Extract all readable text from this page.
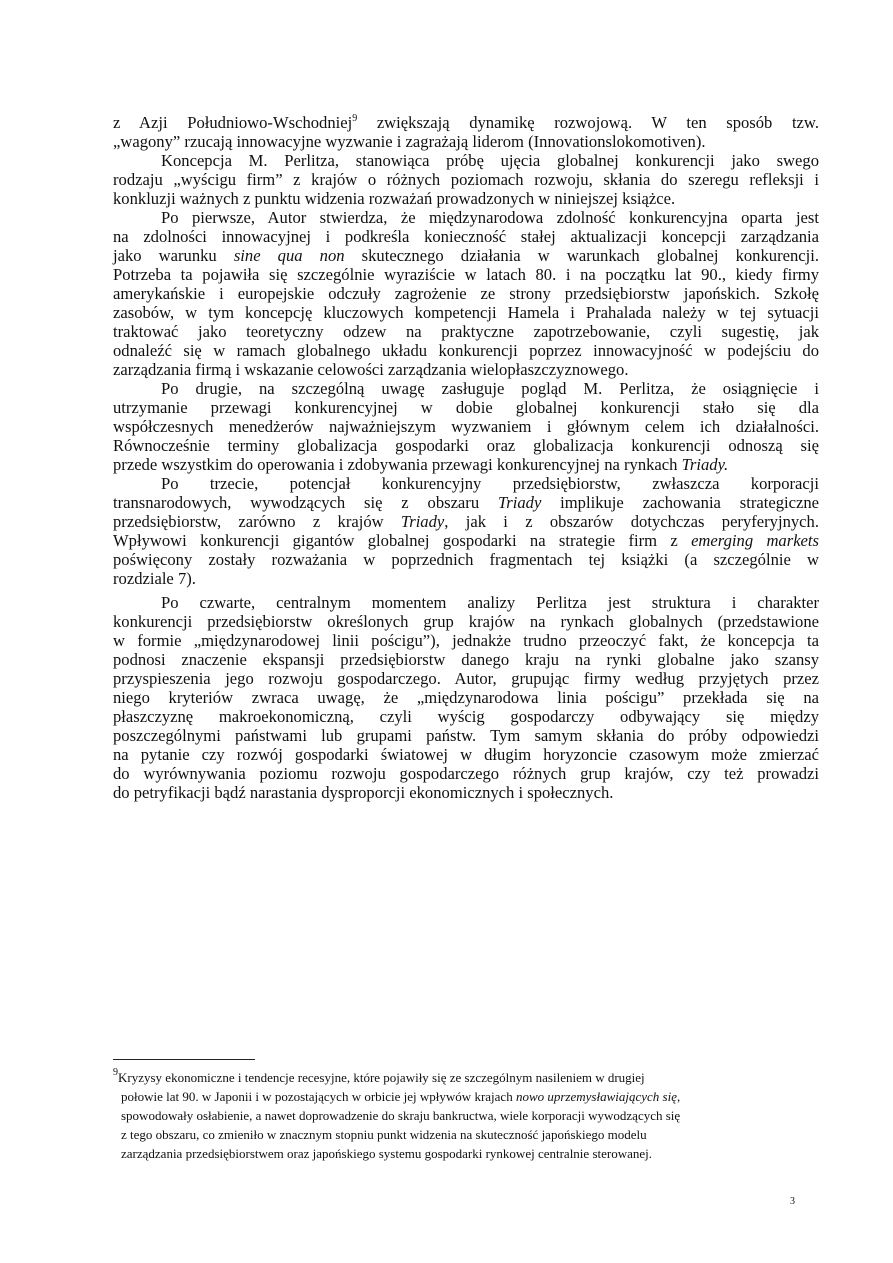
z Azji Południowo-Wschodniej$^9$ zwiększają dynamikę rozwojową. W ten sposób tzw.
„wagony” rzucają innowacyjne wyzwanie i zagrażają liderom (Innovationslokomotiven).
Koncepcja M. Perlitza, stanowiąca próbę ujęcia globalnej konkurencji jako swego
rodzaju „wyścigu firm” z krajów o różnych poziomach rozwoju, skłania do szeregu refleksji i
konkluzji ważnych z punktu widzenia rozważań prowadzonych w niniejszej książce.
Po pierwsze, Autor stwierdza, że międzynarodowa zdolność konkurencyjna oparta jest
na zdolności innowacyjnej i podkreśla konieczność stałej aktualizacji koncepcji zarządzania
jako warunku sine qua non skutecznego działania w warunkach globalnej konkurencji.
Potrzeba ta pojawiła się szczególnie wyraziście w latach 80. i na początku lat 90., kiedy firmy
amerykańskie i europejskie odczuły zagrożenie ze strony przedsiębiorstw japońskich. Szkołę
zasobów, w tym koncepcję kluczowych kompetencji Hamela i Prahalada należy w tej sytuacji
traktować jako teoretyczny odzew na praktyczne zapotrzebowanie, czyli sugestię, jak
odnaleźć się w ramach globalnego układu konkurencji poprzez innowacyjność w podejściu do
zarządzania firmą i wskazanie celowości zarządzania wielopłaszczyznowego.
Po drugie, na szczególną uwagę zasługuje pogląd M. Perlitza, że osiągnięcie i
utrzymanie przewagi konkurencyjnej w dobie globalnej konkurencji stało się dla
współczesnych menedżerów najważniejszym wyzwaniem i głównym celem ich działalności.
Równocześnie terminy globalizacja gospodarki oraz globalizacja konkurencji odnoszą się
przede wszystkim do operowania i zdobywania przewagi konkurencyjnej na rynkach Triady.
Po trzecie, potencjał konkurencyjny przedsiębiorstw, zwłaszcza korporacji
transnarodowych, wywodzących się z obszaru Triady implikuje zachowania strategiczne
przedsiębiorstw, zarówno z krajów Triady, jak i z obszarów dotychczas peryferyjnych.
Wpływowi konkurencji gigantów globalnej gospodarki na strategie firm z emerging markets
poświęcony zostały rozważania w poprzednich fragmentach tej książki (a szczególnie w
rozdziale 7).
Po czwarte, centralnym momentem analizy Perlitza jest struktura i charakter
konkurencji przedsiębiorstw określonych grup krajów na rynkach globalnych (przedstawione
w formie „międzynarodowej linii pościgu”), jednakże trudno przeoczyć fakt, że koncepcja ta
podnosi znaczenie ekspansji przedsiębiorstw danego kraju na rynki globalne jako szansy
przyspieszenia jego rozwoju gospodarczego. Autor, grupując firmy według przyjętych przez
niego kryteriów zwraca uwagę, że „międzynarodowa linia pościgu” przekłada się na
płaszczyznę makroekonomiczną, czyli wyścig gospodarczy odbywający się między
poszczególnymi państwami lub grupami państw. Tym samym skłania do próby odpowiedzi
na pytanie czy rozwój gospodarki światowej w długim horyzoncie czasowym może zmierzać
do wyrównywania poziomu rozwoju gospodarczego różnych grup krajów, czy też prowadzi
do petryfikacji bądź narastania dysproporcji ekonomicznych i społecznych.
$^9$Kryzysy ekonomiczne i tendencje recesyjne, które pojawiły się ze szczególnym nasileniem w drugiej
połowie lat 90. w Japonii i w pozostających w orbicie jej wpływów krajach nowo uprzemysławiających się,
spowodowały osłabienie, a nawet doprowadzenie do skraju bankructwa, wiele korporacji wywodzących się
z tego obszaru, co zmieniło w znacznym stopniu punkt widzenia na skuteczność japońskiego modelu
zarządzania przedsiębiorstwem oraz japońskiego systemu gospodarki rynkowej centralnie sterowanej.
3
